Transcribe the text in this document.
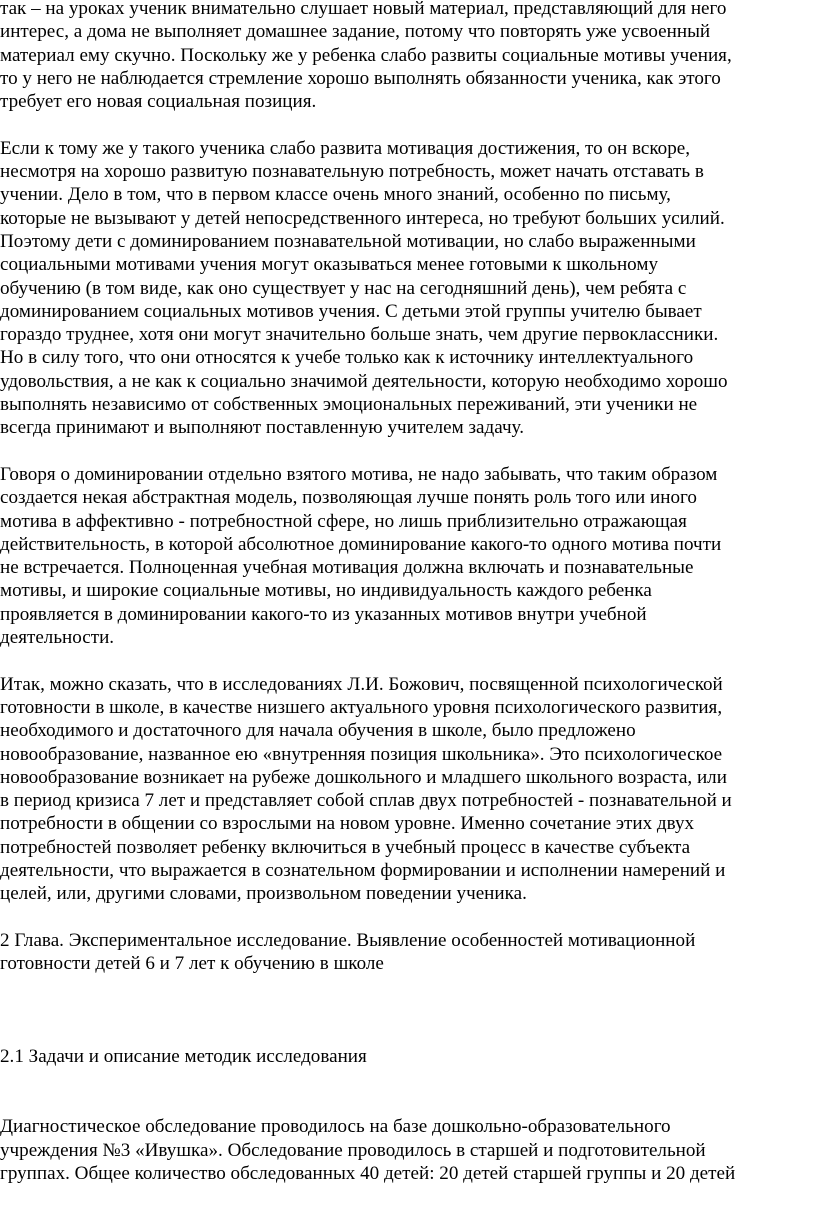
так – на уроках ученик внимательно слушает новый материал, представляющий для него
интерес, а дома не выполняет домашнее задание, потому что повторять уже усвоенный
материал ему скучно. Поскольку же у ребенка слабо развиты социальные мотивы учения,
то у него не наблюдается стремление хорошо выполнять обязанности ученика, как этого
требует его новая социальная позиция.

Если к тому же у такого ученика слабо развита мотивация достижения, то он вскоре,
несмотря на хорошо развитую познавательную потребность, может начать отставать в
учении. Дело в том, что в первом классе очень много знаний, особенно по письму,
которые не вызывают у детей непосредственного интереса, но требуют больших усилий.
Поэтому дети с доминированием познавательной мотивации, но слабо выраженными
социальными мотивами учения могут оказываться менее готовыми к школьному
обучению (в том виде, как оно существует у нас на сегодняшний день), чем ребята с
доминированием социальных мотивов учения. С детьми этой группы учителю бывает
гораздо труднее, хотя они могут значительно больше знать, чем другие первоклассники.
Но в силу того, что они относятся к учебе только как к источнику интеллектуального
удовольствия, а не как к социально значимой деятельности, которую необходимо хорошо
выполнять независимо от собственных эмоциональных переживаний, эти ученики не
всегда принимают и выполняют поставленную учителем задачу.

Говоря о доминировании отдельно взятого мотива, не надо забывать, что таким образом
создается некая абстрактная модель, позволяющая лучше понять роль того или иного
мотива в аффективно - потребностной сфере, но лишь приблизительно отражающая
действительность, в которой абсолютное доминирование какого-то одного мотива почти
не встречается. Полноценная учебная мотивация должна включать и познавательные
мотивы, и широкие социальные мотивы, но индивидуальность каждого ребенка
проявляется в доминировании какого-то из указанных мотивов внутри учебной
деятельности.

Итак, можно сказать, что в исследованиях Л.И. Божович, посвященной психологической
готовности в школе, в качестве низшего актуального уровня психологического развития,
необходимого и достаточного для начала обучения в школе, было предложено
новообразование, названное ею «внутренняя позиция школьника». Это психологическое
новообразование возникает на рубеже дошкольного и младшего школьного возраста, или
в период кризиса 7 лет и представляет собой сплав двух потребностей - познавательной и
потребности в общении со взрослыми на новом уровне. Именно сочетание этих двух
потребностей позволяет ребенку включиться в учебный процесс в качестве субъекта
деятельности, что выражается в сознательном формировании и исполнении намерений и
целей, или, другими словами, произвольном поведении ученика.

2 Глава. Экспериментальное исследование. Выявление особенностей мотивационной
готовности детей 6 и 7 лет к обучению в школе
2.1 Задачи и описание методик исследования

Диагностическое обследование проводилось на базе дошкольно-образовательного
учреждения №3 «Ивушка». Обследование проводилось в старшей и подготовительной
группах. Общее количество обследованных 40 детей: 20 детей старшей группы и 20 детей
